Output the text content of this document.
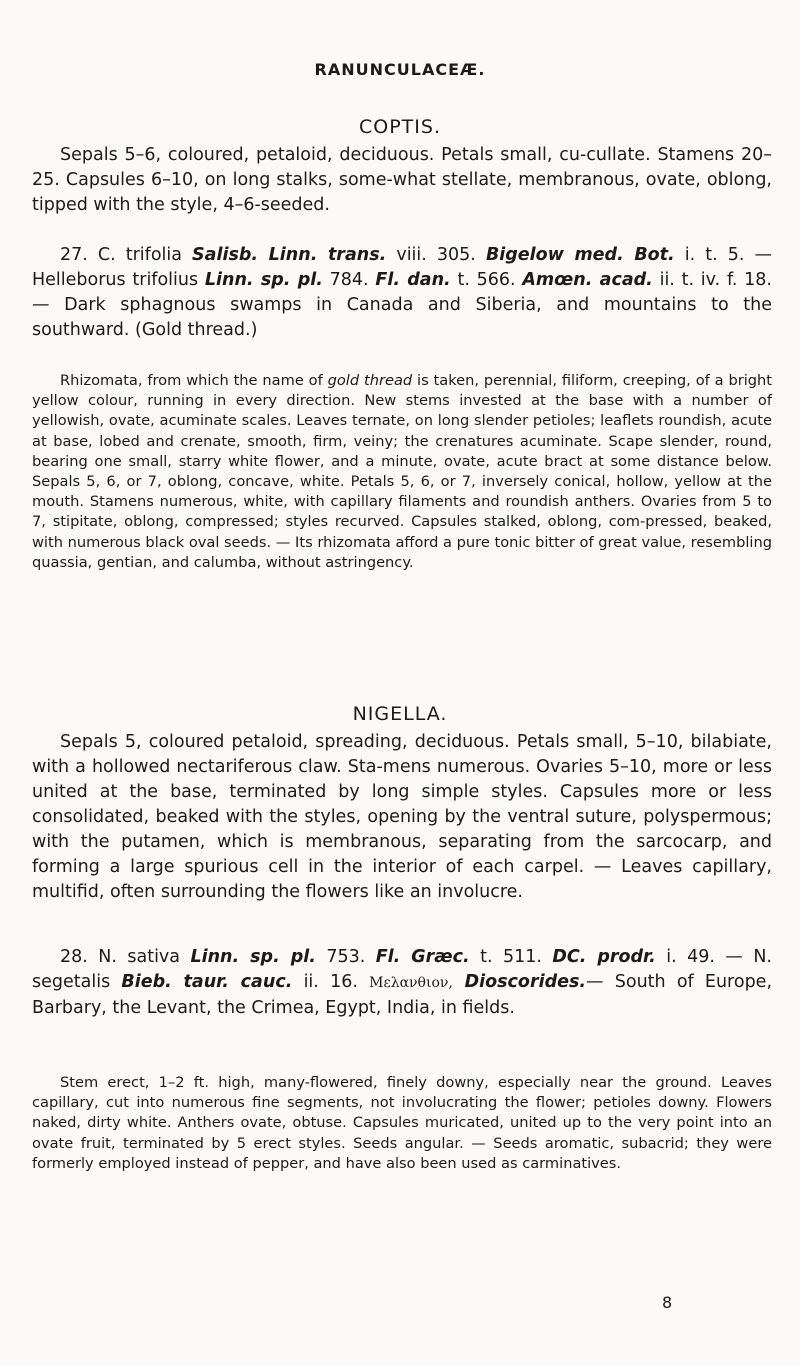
RANUNCULACEÆ.
COPTIS.
Sepals 5–6, coloured, petaloid, deciduous. Petals small, cu-cullate. Stamens 20–25. Capsules 6–10, on long stalks, some-what stellate, membranous, ovate, oblong, tipped with the style, 4–6-seeded.
27. C. trifolia Salisb. Linn. trans. viii. 305. Bigelow med. Bot. i. t. 5. — Helleborus trifolius Linn. sp. pl. 784. Fl. dan. t. 566. Amœn. acad. ii. t. iv. f. 18. — Dark sphagnous swamps in Canada and Siberia, and mountains to the southward. (Gold thread.)
Rhizomata, from which the name of gold thread is taken, perennial, filiform, creeping, of a bright yellow colour, running in every direction. New stems invested at the base with a number of yellowish, ovate, acuminate scales. Leaves ternate, on long slender petioles; leaflets roundish, acute at base, lobed and crenate, smooth, firm, veiny; the crenatures acuminate. Scape slender, round, bearing one small, starry white flower, and a minute, ovate, acute bract at some distance below. Sepals 5, 6, or 7, oblong, concave, white. Petals 5, 6, or 7, inversely conical, hollow, yellow at the mouth. Stamens numerous, white, with capillary filaments and roundish anthers. Ovaries from 5 to 7, stipitate, oblong, compressed; styles recurved. Capsules stalked, oblong, com-pressed, beaked, with numerous black oval seeds. — Its rhizomata afford a pure tonic bitter of great value, resembling quassia, gentian, and calumba, without astringency.
NIGELLA.
Sepals 5, coloured petaloid, spreading, deciduous. Petals small, 5–10, bilabiate, with a hollowed nectariferous claw. Sta-mens numerous. Ovaries 5–10, more or less united at the base, terminated by long simple styles. Capsules more or less consolidated, beaked with the styles, opening by the ventral suture, polyspermous; with the putamen, which is membranous, separating from the sarcocarp, and forming a large spurious cell in the interior of each carpel. — Leaves capillary, multifid, often surrounding the flowers like an involucre.
28. N. sativa Linn. sp. pl. 753. Fl. Græc. t. 511. DC. prodr. i. 49. — N. segetalis Bieb. taur. cauc. ii. 16. Μελανθιον, Dioscorides.— South of Europe, Barbary, the Levant, the Crimea, Egypt, India, in fields.
Stem erect, 1–2 ft. high, many-flowered, finely downy, especially near the ground. Leaves capillary, cut into numerous fine segments, not involucrating the flower; petioles downy. Flowers naked, dirty white. Anthers ovate, obtuse. Capsules muricated, united up to the very point into an ovate fruit, terminated by 5 erect styles. Seeds angular. — Seeds aromatic, subacrid; they were formerly employed instead of pepper, and have also been used as carminatives.
8
